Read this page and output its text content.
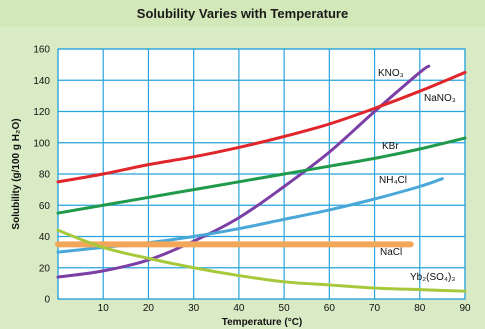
Solubility Varies with Temperature
0
20
40
60
80
100
120
140
160
10	20	30	40	50	60	70	80	90
KNO₃
NaNO₃
KBr
NH₄Cl
NaCl
Yb₂(SO₄)₃
Temperature (°C)
Solubility (g/100 g H₂O)
